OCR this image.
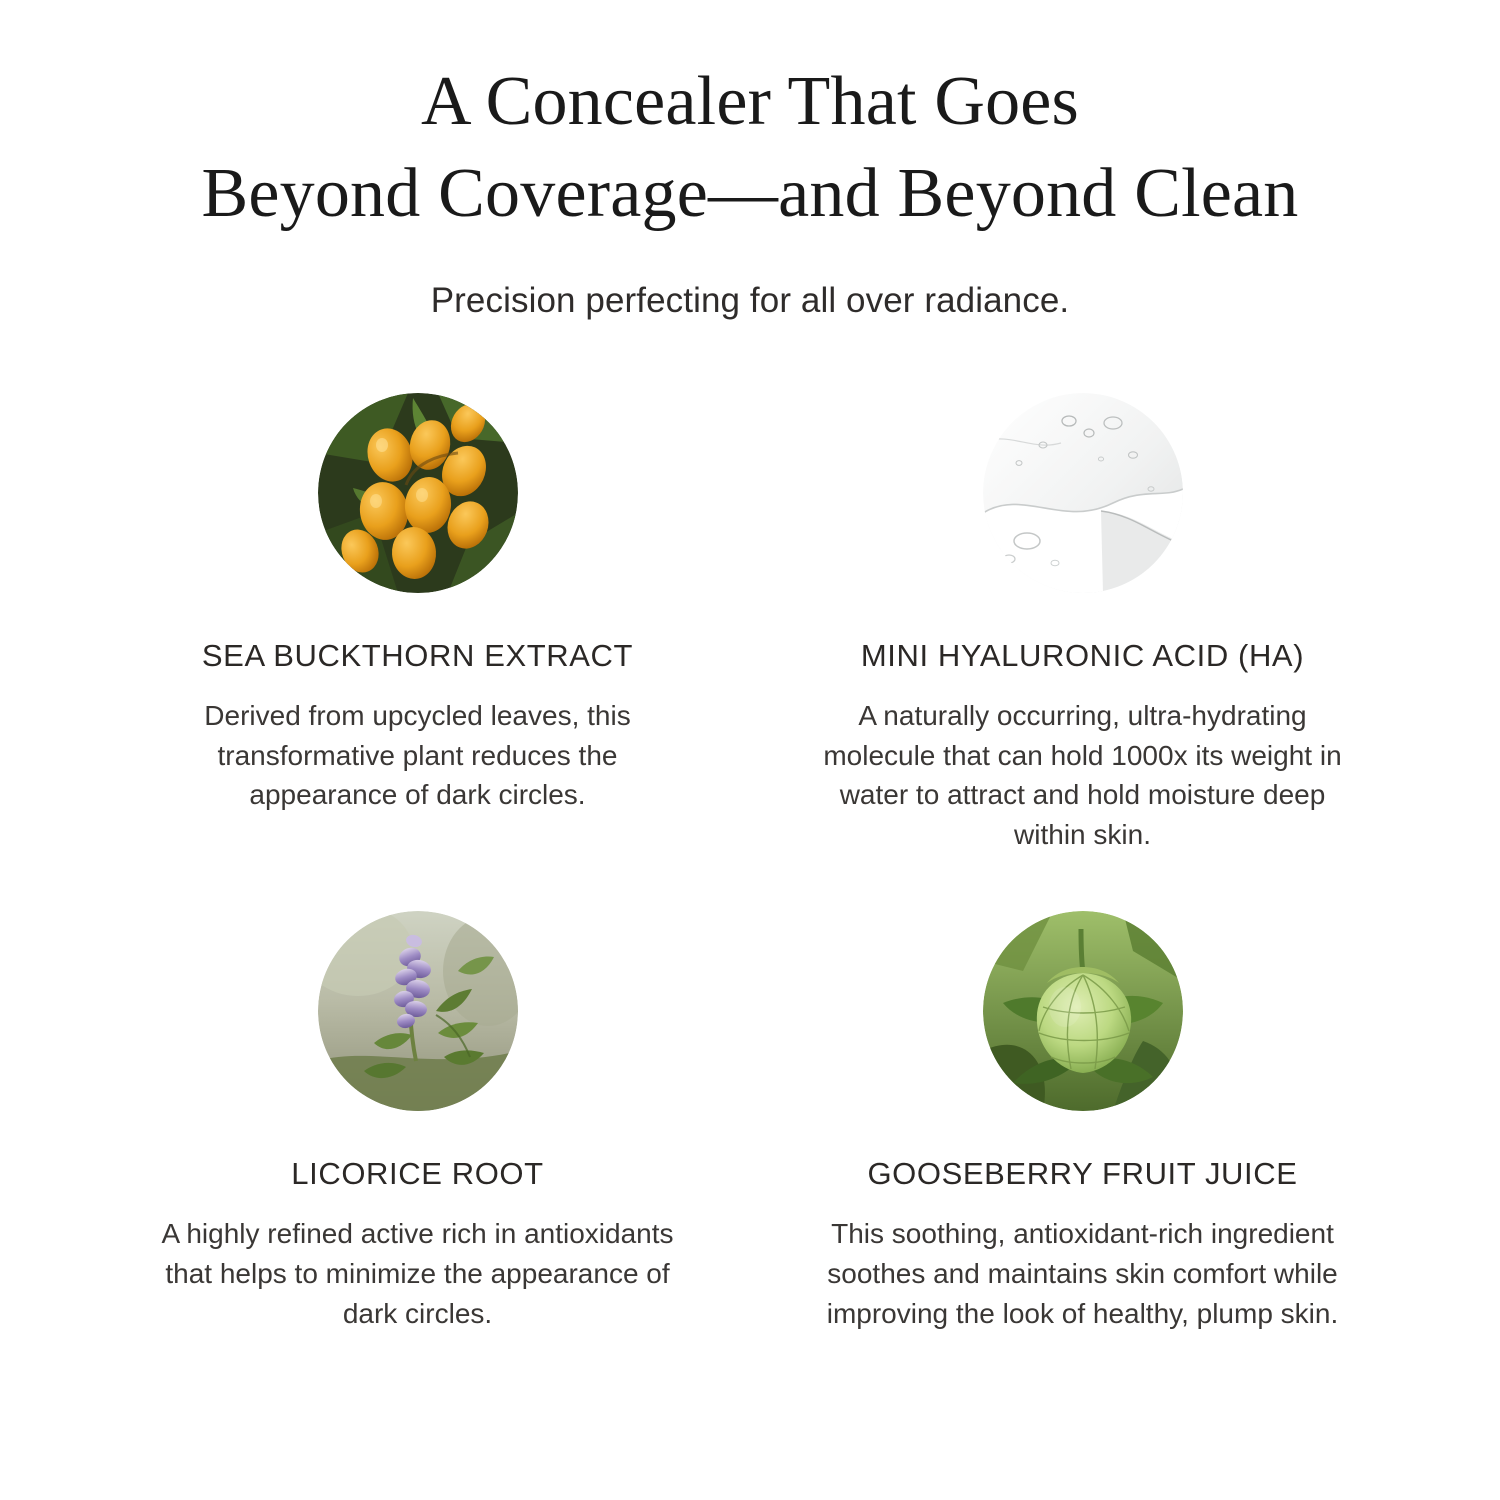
A Concealer That Goes
Beyond Coverage—and Beyond Clean
Precision perfecting for all over radiance.
SEA BUCKTHORN EXTRACT
Derived from upcycled leaves, this transformative plant reduces the appearance of dark circles.
MINI HYALURONIC ACID (HA)
A naturally occurring, ultra-hydrating molecule that can hold 1000x its weight in water to attract and hold moisture deep within skin.
LICORICE ROOT
A highly refined active rich in antioxidants that helps to minimize the appearance of dark circles.
GOOSEBERRY FRUIT JUICE
This soothing, antioxidant-rich ingredient soothes and maintains skin comfort while improving the look of healthy, plump skin.
